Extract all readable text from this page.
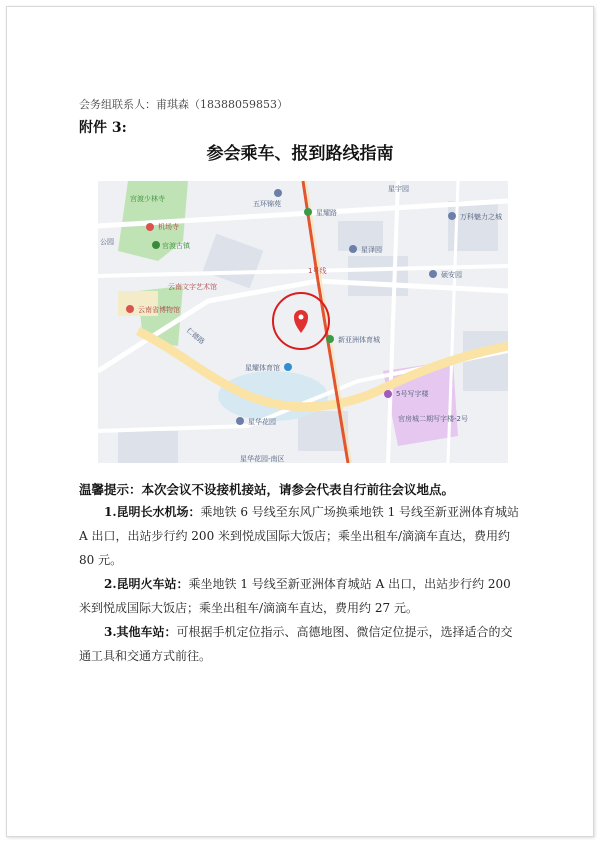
会务组联系人：甫琪森（18388059853）
附件 3:
参会乘车、报到路线指南
宫渡少林寺
五环锦苑
星耀路
星宇园
万科魅力之城
机场寺
官渡古镇	星泽园
公园
1号线	硕安园
云南文字艺术馆
云南省博物馆
仁德路	新亚洲体育城
星耀体育馆
5号写字楼
官房城二期写字楼-2号
星华花园
星华花园-南区
温馨提示：本次会议不设接机接站，请参会代表自行前往会议地点。
1.昆明长水机场：乘地铁 6 号线至东风广场换乘地铁 1 号线至新亚洲体育城站 A 出口，出站步行约 200 米到悦成国际大饭店；乘坐出租车/滴滴车直达，费用约 80 元。
2.昆明火车站：乘坐地铁 1 号线至新亚洲体育城站 A 出口，出站步行约 200 米到悦成国际大饭店；乘坐出租车/滴滴车直达，费用约 27 元。
3.其他车站：可根据手机定位指示、高德地图、微信定位提示，选择适合的交通工具和交通方式前往。
